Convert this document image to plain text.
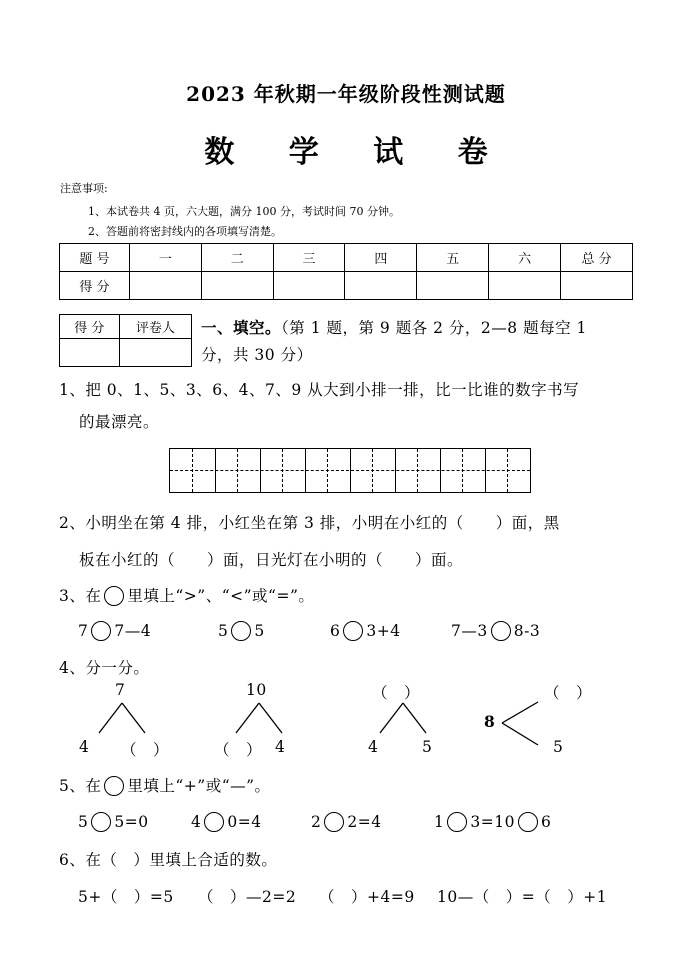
2023 年秋期一年级阶段性测试题
数 学 试 卷
注意事项:
1、本试卷共 4 页，六大题，满分 100 分，考试时间 70 分钟。
2、答题前将密封线内的各项填写清楚。
题 号	一	二	三	四	五	六	总 分
得 分							
得 分	评卷人
	一、填空。（第 1 题，第 9 题各 2 分，2—8 题每空 1
分，共 30 分）
1、把 0、1、5、3、6、4、7、9 从大到小排一排，比一比谁的数字书写
的最漂亮。
2、小明坐在第 4 排，小红坐在第 3 排，小明在小红的（　　）面，黑
板在小红的（　　）面，日光灯在小明的（　　）面。
3、在 里填上“>”、“<”或“=”。
7 7—4	5 5	6 3+4	7—3 8-3
4、分一分。
7
4 （　）
10
（　） 4
（　）
4	5
8
（　）
5
5、在 里填上“+”或“—”。
5 5=0	4 0=4	2 2=4	1 3=10 6
6、在（　）里填上合适的数。
5+（　）=5 （　）—2=2 （　）+4=9 10—（　）=（　）+1
